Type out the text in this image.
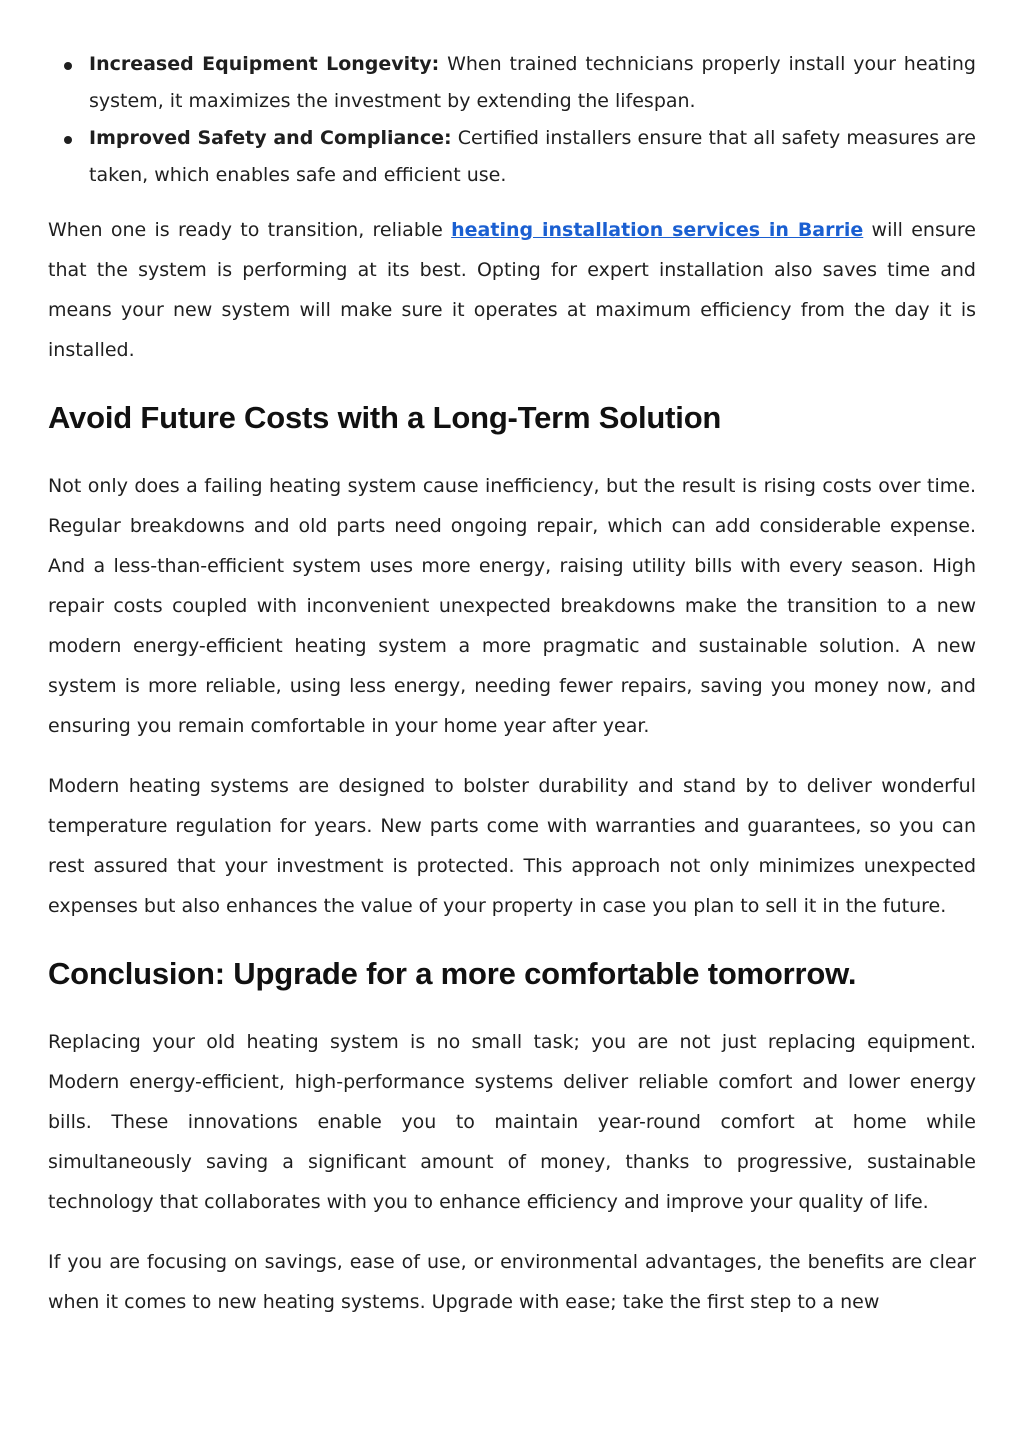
Increased Equipment Longevity: When trained technicians properly install your heating system, it maximizes the investment by extending the lifespan.
Improved Safety and Compliance: Certified installers ensure that all safety measures are taken, which enables safe and efficient use.

When one is ready to transition, reliable heating installation services in Barrie will ensure that the system is performing at its best. Opting for expert installation also saves time and means your new system will make sure it operates at maximum efficiency from the day it is installed.

Avoid Future Costs with a Long-Term Solution

Not only does a failing heating system cause inefficiency, but the result is rising costs over time. Regular breakdowns and old parts need ongoing repair, which can add considerable expense. And a less-than-efficient system uses more energy, raising utility bills with every season. High repair costs coupled with inconvenient unexpected breakdowns make the transition to a new modern energy-efficient heating system a more pragmatic and sustainable solution. A new system is more reliable, using less energy, needing fewer repairs, saving you money now, and ensuring you remain comfortable in your home year after year.

Modern heating systems are designed to bolster durability and stand by to deliver wonderful temperature regulation for years. New parts come with warranties and guarantees, so you can rest assured that your investment is protected. This approach not only minimizes unexpected expenses but also enhances the value of your property in case you plan to sell it in the future.

Conclusion: Upgrade for a more comfortable tomorrow.

Replacing your old heating system is no small task; you are not just replacing equipment. Modern energy-efficient, high-performance systems deliver reliable comfort and lower energy bills. These innovations enable you to maintain year-round comfort at home while simultaneously saving a significant amount of money, thanks to progressive, sustainable technology that collaborates with you to enhance efficiency and improve your quality of life.

If you are focusing on savings, ease of use, or environmental advantages, the benefits are clear when it comes to new heating systems. Upgrade with ease; take the first step to a new
